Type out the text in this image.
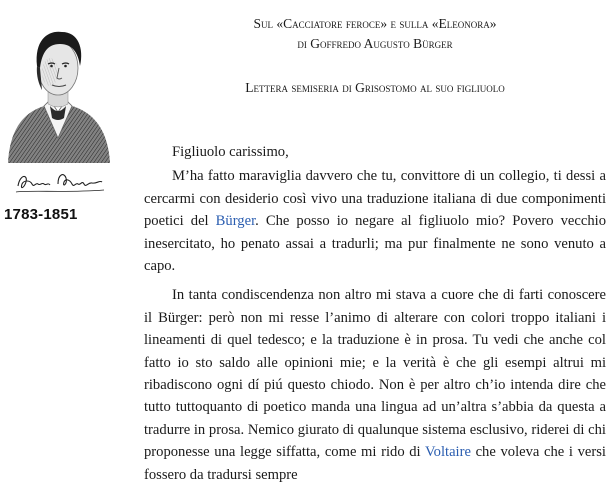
1783-1851
Sul «Cacciatore feroce» e sulla «Eleonora»
di Goffredo Augusto Bürger
Lettera semiseria di Grisostomo al suo figliuolo

Figliuolo carissimo,

M’ha fatto maraviglia davvero che tu, convittore di un collegio, ti dessi a cercarmi con desiderio così vivo una traduzione italiana di due componimenti poetici del Bürger. Che posso io negare al figliuolo mio? Povero vecchio inesercitato, ho penato assai a tradurli; ma pur finalmente ne sono venuto a capo.

In tanta condiscendenza non altro mi stava a cuore che di farti conoscere il Bürger: però non mi resse l’animo di alterare con colori troppo italiani i lineamenti di quel tedesco; e la traduzione è in prosa. Tu vedi che anche col fatto io sto saldo alle opinioni mie; e la verità è che gli esempi altrui mi ribadiscono ogni dí piú questo chiodo. Non è per altro ch’io intenda dire che tutto tuttoquanto di poetico manda una lingua ad un’altra s’abbia da questa a tradurre in prosa. Nemico giurato di qualunque sistema esclusivo, riderei di chi proponesse una legge siffatta, come mi rido di Voltaire che voleva che i versi fossero da tradursi sempre
